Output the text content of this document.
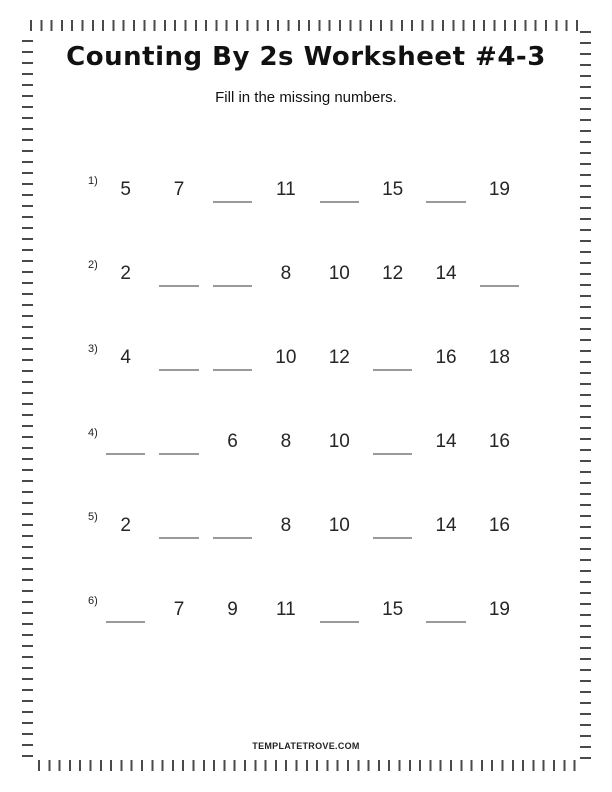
Counting By 2s Worksheet #4-3

Fill in the missing numbers.

1) 5 7	11	15	19
2) 2	8 10 12 14
3) 4	10 12	16 18
4)	6 8 10	14 16
5) 2	8 10	14 16
6)	7 9 11	15	19
TEMPLATETROVE.COM
